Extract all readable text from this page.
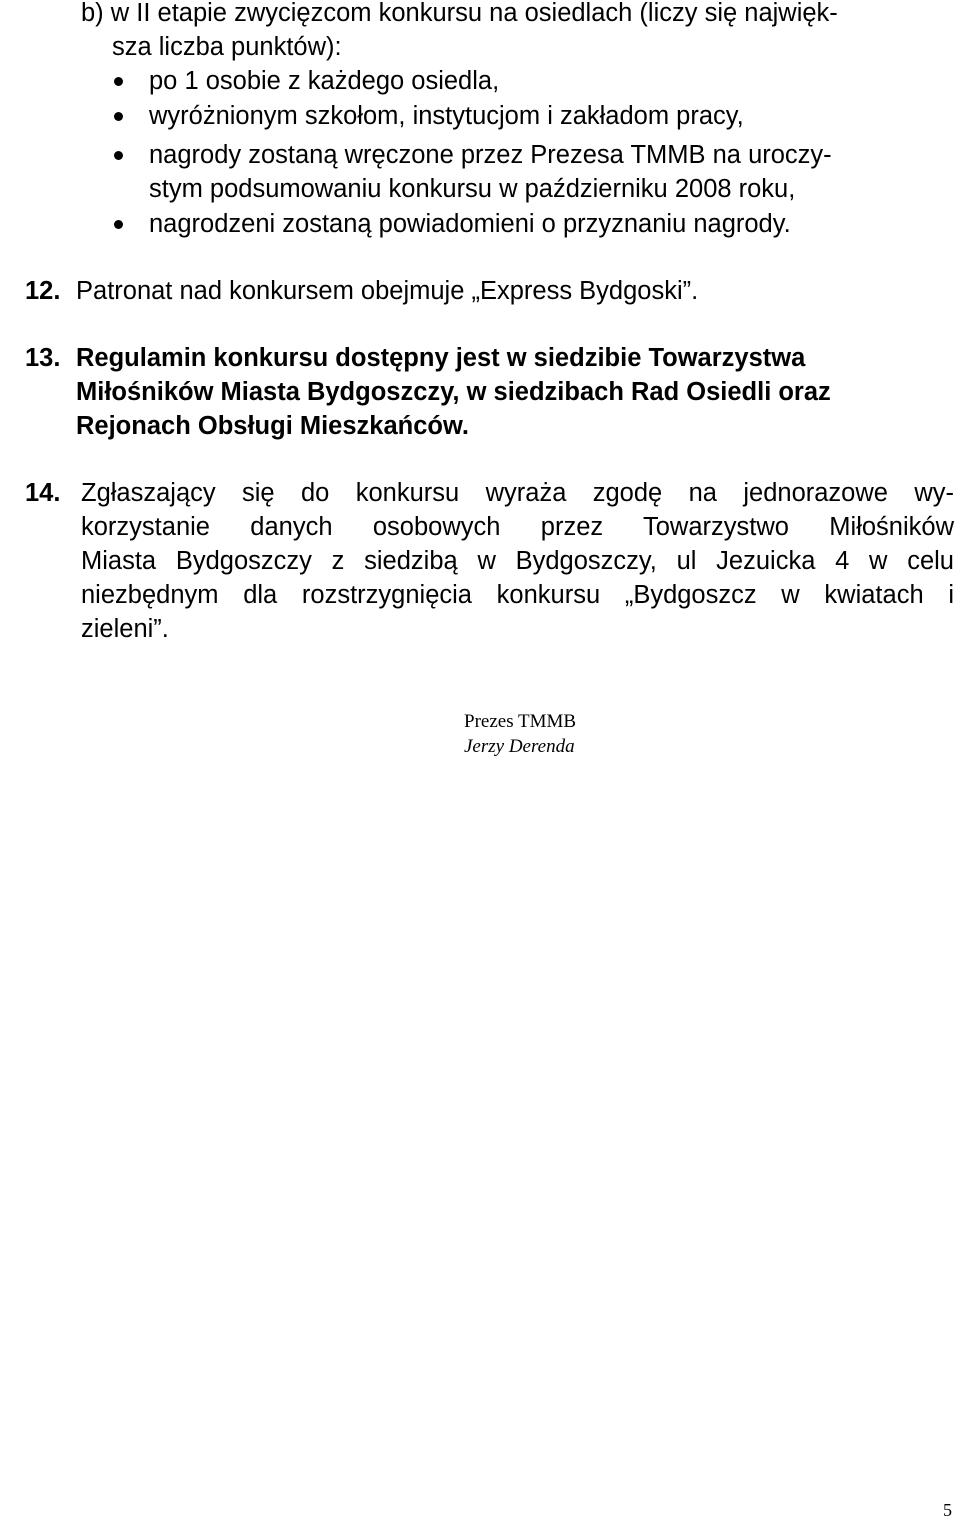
b) w II etapie zwycięzcom konkursu na osiedlach (liczy się najwięk-
sza liczba punktów):
po 1 osobie z każdego osiedla,
wyróżnionym szkołom, instytucjom i zakładom pracy,
nagrody zostaną wręczone przez Prezesa TMMB na uroczy-
stym podsumowaniu konkursu w październiku 2008 roku,
nagrodzeni zostaną powiadomieni o przyznaniu nagrody.
12. Patronat nad konkursem obejmuje „Express Bydgoski”.
13. Regulamin konkursu dostępny jest w siedzibie Towarzystwa
Miłośników Miasta Bydgoszczy, w siedzibach Rad Osiedli oraz
Rejonach Obsługi Mieszkańców.
14. Zgłaszający się do konkursu wyraża zgodę na jednorazowe wy-
korzystanie danych osobowych przez Towarzystwo Miłośników
Miasta Bydgoszczy z siedzibą w Bydgoszczy, ul Jezuicka 4 w celu
niezbędnym dla rozstrzygnięcia konkursu „Bydgoszcz w kwiatach i
zieleni”.
Prezes TMMB
Jerzy Derenda
5
